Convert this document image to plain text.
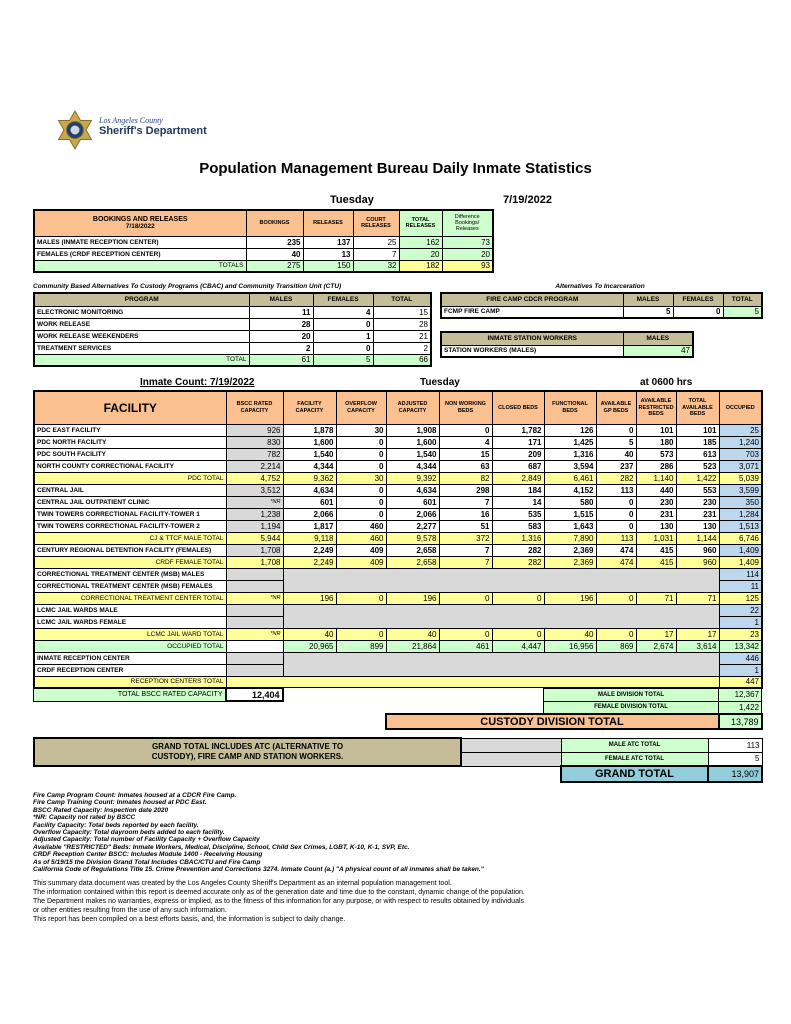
Los Angeles County
Sheriff's Department
Population Management Bureau Daily Inmate Statistics
Tuesday	7/19/2022
BOOKINGS AND RELEASES
7/18/2022	BOOKINGS	RELEASES	COURT RELEASES	TOTAL RELEASES	Difference Bookings/ Releases
MALES (INMATE RECEPTION CENTER)	235	137	25	162	73
FEMALES (CRDF RECEPTION CENTER)	40	13	7	20	20
TOTALS	275	150	32	182	93
Community Based Alternatives To Custody Programs (CBAC) and Community Transition Unit (CTU)
PROGRAM	MALES	FEMALES	TOTAL
ELECTRONIC MONITORING	11	4	15
WORK RELEASE	28	0	28
WORK RELEASE WEEKENDERS	20	1	21
TREATMENT SERVICES	2	0	2
TOTAL	61	5	66
Alternatives To Incarceration
FIRE CAMP CDCR PROGRAM	MALES	FEMALES	TOTAL
FCMP FIRE CAMP	5	0	5
INMATE STATION WORKERS	MALES
STATION WORKERS (MALES)	47
Inmate Count: 7/19/2022	Tuesday	at 0600 hrs
FACILITY	BSCC RATED CAPACITY	FACILITY CAPACITY	OVERFLOW CAPACITY	ADJUSTED CAPACITY	NON WORKING BEDS	CLOSED BEDS	FUNCTIONAL BEDS	AVAILABLE GP BEDS	AVAILABLE RESTRICTED BEDS	TOTAL AVAILABLE BEDS	OCCUPIED
PDC EAST FACILITY	926	1,878	30	1,908	0	1,782	126	0	101	101	25
PDC NORTH FACILITY	830	1,600	0	1,600	4	171	1,425	5	180	185	1,240
PDC SOUTH FACILITY	782	1,540	0	1,540	15	209	1,316	40	573	613	703
NORTH COUNTY CORRECTIONAL FACILITY	2,214	4,344	0	4,344	63	687	3,594	237	286	523	3,071
PDC TOTAL	4,752	9,362	30	9,392	82	2,849	6,461	282	1,140	1,422	5,039
CENTRAL JAIL	3,512	4,634	0	4,634	298	184	4,152	113	440	553	3,599
CENTRAL JAIL OUTPATIENT CLINIC	*NR	601	0	601	7	14	580	0	230	230	350
TWIN TOWERS CORRECTIONAL FACILITY-TOWER 1	1,238	2,066	0	2,066	16	535	1,515	0	231	231	1,284
TWIN TOWERS CORRECTIONAL FACILITY-TOWER 2	1,194	1,817	460	2,277	51	583	1,643	0	130	130	1,513
CJ & TTCF MALE TOTAL	5,944	9,118	460	9,578	372	1,316	7,890	113	1,031	1,144	6,746
CENTURY REGIONAL DETENTION FACILITY (FEMALES)	1,708	2,249	409	2,658	7	282	2,369	474	415	960	1,409
CRDF FEMALE TOTAL	1,708	2,249	409	2,658	7	282	2,369	474	415	960	1,409
CORRECTIONAL TREATMENT CENTER (MSB) MALES											114
CORRECTIONAL TREATMENT CENTER (MSB) FEMALES											11
CORRECTIONAL TREATMENT CENTER TOTAL	*NR	196	0	196	0	0	196	0	71	71	125
LCMC JAIL WARDS MALE											22
LCMC JAIL WARDS FEMALE											1
LCMC JAIL WARD TOTAL	*NR	40	0	40	0	0	40	0	17	17	23
OCCUPIED TOTAL		20,965	899	21,864	461	4,447	16,956	869	2,674	3,614	13,342
INMATE RECEPTION CENTER											446
CRDF RECEPTION CENTER											1
RECEPTION CENTERS TOTAL											447
TOTAL BSCC RATED CAPACITY	12,404			MALE DIVISION TOTAL	12,367
				FEMALE DIVISION TOTAL	1,422
			CUSTODY DIVISION TOTAL		13,789
GRAND TOTAL INCLUDES ATC (ALTERNATIVE TO
CUSTODY), FIRE CAMP AND STATION WORKERS.		MALE ATC TOTAL	113
		FEMALE ATC TOTAL	5
		GRAND TOTAL	13,907
Fire Camp Program Count: Inmates housed at a CDCR Fire Camp.
Fire Camp Training Count: Inmates housed at PDC East.
BSCC Rated Capacity: Inspection date 2020
*NR: Capacity not rated by BSCC
Facility Capacity: Total beds reported by each facility.
Overflow Capacity: Total dayroom beds added to each facility.
Adjusted Capacity: Total number of Facility Capacity + Overflow Capacity
Available "RESTRICTED" Beds: Inmate Workers, Medical, Discipline, School, Child Sex Crimes, LGBT, K-10, K-1, SVP, Etc.
CRDF Reception Center BSCC: Includes Module 1400 - Receiving Housing
As of 5/19/15 the Division Grand Total Includes CBAC/CTU and Fire Camp
California Code of Regulations Title 15. Crime Prevention and Corrections 3274. Inmate Count (a.) "A physical count of all inmates shall be taken."
This summary data document was created by the Los Angeles County Sheriff's Department as an internal population management tool.
The information contained within this report is deemed accurate only as of the generation date and time due to the constant, dynamic change of the population.
The Department makes no warranties, express or implied, as to the fitness of this information for any purpose, or with respect to results obtained by individuals
or other entities resulting from the use of any such information.
This report has been compiled on a best efforts basis, and, the information is subject to daily change.
